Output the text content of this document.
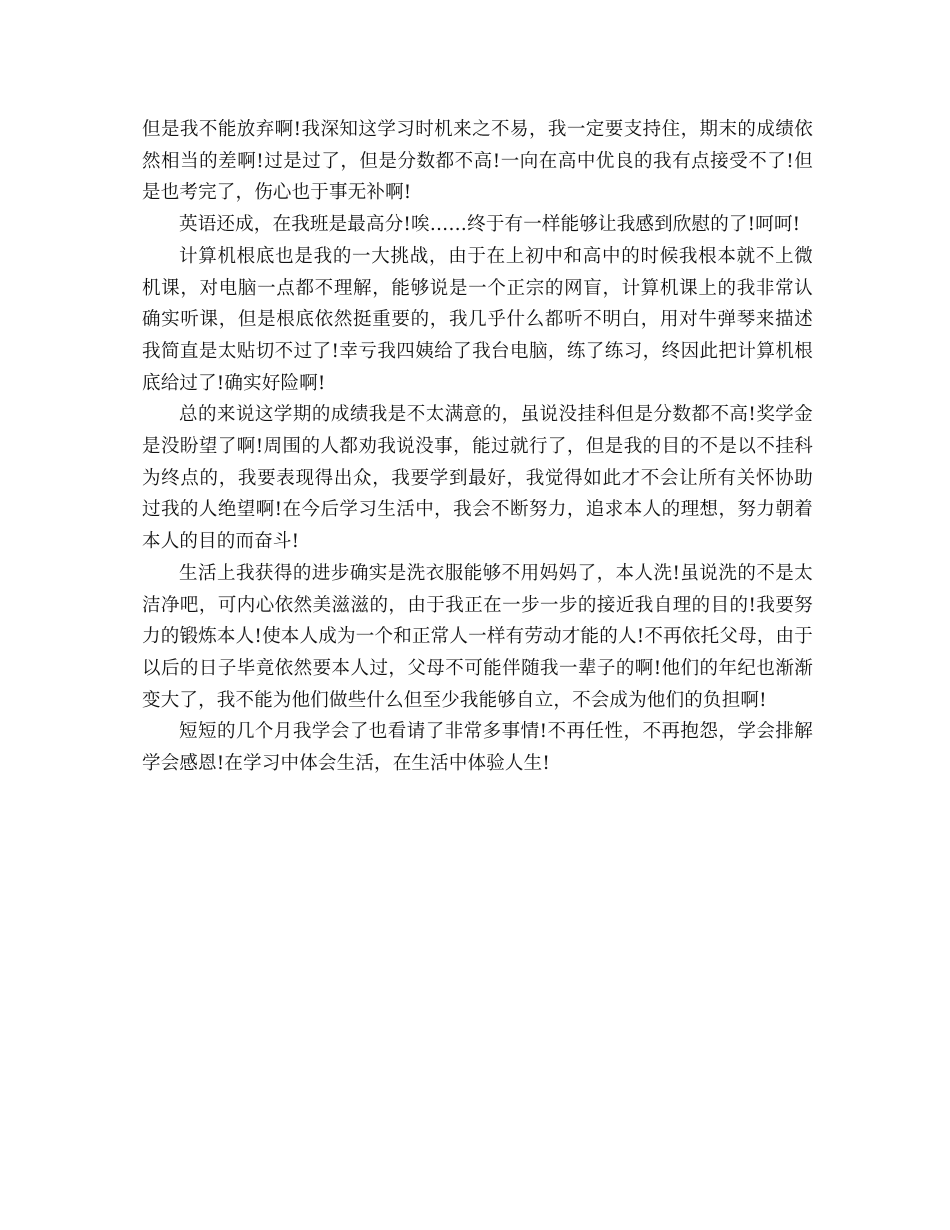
但是我不能放弃啊!我深知这学习时机来之不易，我一定要支持住，期末的成绩依然相当的差啊!过是过了，但是分数都不高!一向在高中优良的我有点接受不了!但是也考完了，伤心也于事无补啊!

英语还成，在我班是最高分!唉……终于有一样能够让我感到欣慰的了!呵呵!

计算机根底也是我的一大挑战，由于在上初中和高中的时候我根本就不上微机课，对电脑一点都不理解，能够说是一个正宗的网盲，计算机课上的我非常认确实听课，但是根底依然挺重要的，我几乎什么都听不明白，用对牛弹琴来描述我简直是太贴切不过了!幸亏我四姨给了我台电脑，练了练习，终因此把计算机根底给过了!确实好险啊!

总的来说这学期的成绩我是不太满意的，虽说没挂科但是分数都不高!奖学金是没盼望了啊!周围的人都劝我说没事，能过就行了，但是我的目的不是以不挂科为终点的，我要表现得出众，我要学到最好，我觉得如此才不会让所有关怀协助过我的人绝望啊!在今后学习生活中，我会不断努力，追求本人的理想，努力朝着本人的目的而奋斗!

生活上我获得的进步确实是洗衣服能够不用妈妈了，本人洗!虽说洗的不是太洁净吧，可内心依然美滋滋的，由于我正在一步一步的接近我自理的目的!我要努力的锻炼本人!使本人成为一个和正常人一样有劳动才能的人!不再依托父母，由于以后的日子毕竟依然要本人过，父母不可能伴随我一辈子的啊!他们的年纪也渐渐变大了，我不能为他们做些什么但至少我能够自立，不会成为他们的负担啊!

短短的几个月我学会了也看请了非常多事情!不再任性，不再抱怨，学会排解学会感恩!在学习中体会生活，在生活中体验人生!
